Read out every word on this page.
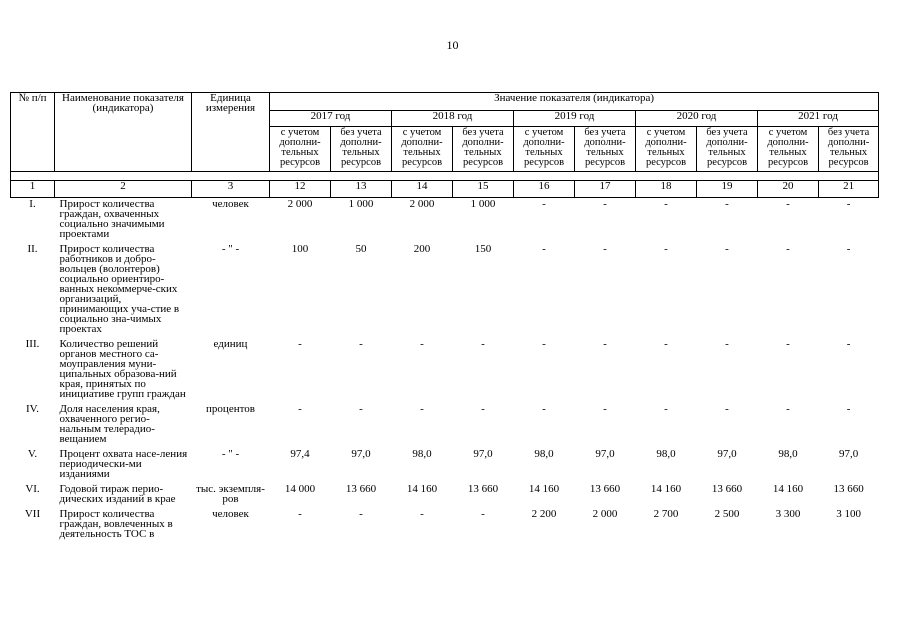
10
№ п/п	Наименование показателя (индикатора)	Единица измерения	Значение показателя (индикатора)									
			2017 год		2018 год		2019 год		2020 год		2021 год	
			с учетом дополни-тельных ресурсов	без учета дополни-тельных ресурсов	с учетом дополни-тельных ресурсов	без учета дополни-тельных ресурсов	с учетом дополни-тельных ресурсов	без учета дополни-тельных ресурсов	с учетом дополни-тельных ресурсов	без учета дополни-тельных ресурсов	с учетом дополни-тельных ресурсов	без учета дополни-тельных ресурсов

1	2	3	12	13	14	15	16	17	18	19	20	21
I.	Прирост количества граждан, охваченных социально значимыми проектами	человек	2 000	1 000	2 000	1 000	-	-	-	-	-	-
II.	Прирост количества работников и добро-вольцев (волонтеров) социально ориентиро-ванных некоммерче-ских организаций, принимающих уча-стие в социально зна-чимых проектах	- " -	100	50	200	150	-	-	-	-	-	-
III.	Количество решений органов местного са-моуправления муни-ципальных образова-ний края, принятых по инициативе групп граждан	единиц	-	-	-	-	-	-	-	-	-	-
IV.	Доля населения края, охваченного регио-нальным телерадио-вещанием	процентов	-	-	-	-	-	-	-	-	-	-
V.	Процент охвата насе-ления периодически-ми изданиями	- " -	97,4	97,0	98,0	97,0	98,0	97,0	98,0	97,0	98,0	97,0
VI.	Годовой тираж перио-дических изданий в крае	тыс. экземпля-ров	14 000	13 660	14 160	13 660	14 160	13 660	14 160	13 660	14 160	13 660
VII	Прирост количества граждан, вовлеченных в деятельность ТОС в	человек	-	-	-	-	2 200	2 000	2 700	2 500	3 300	3 100
